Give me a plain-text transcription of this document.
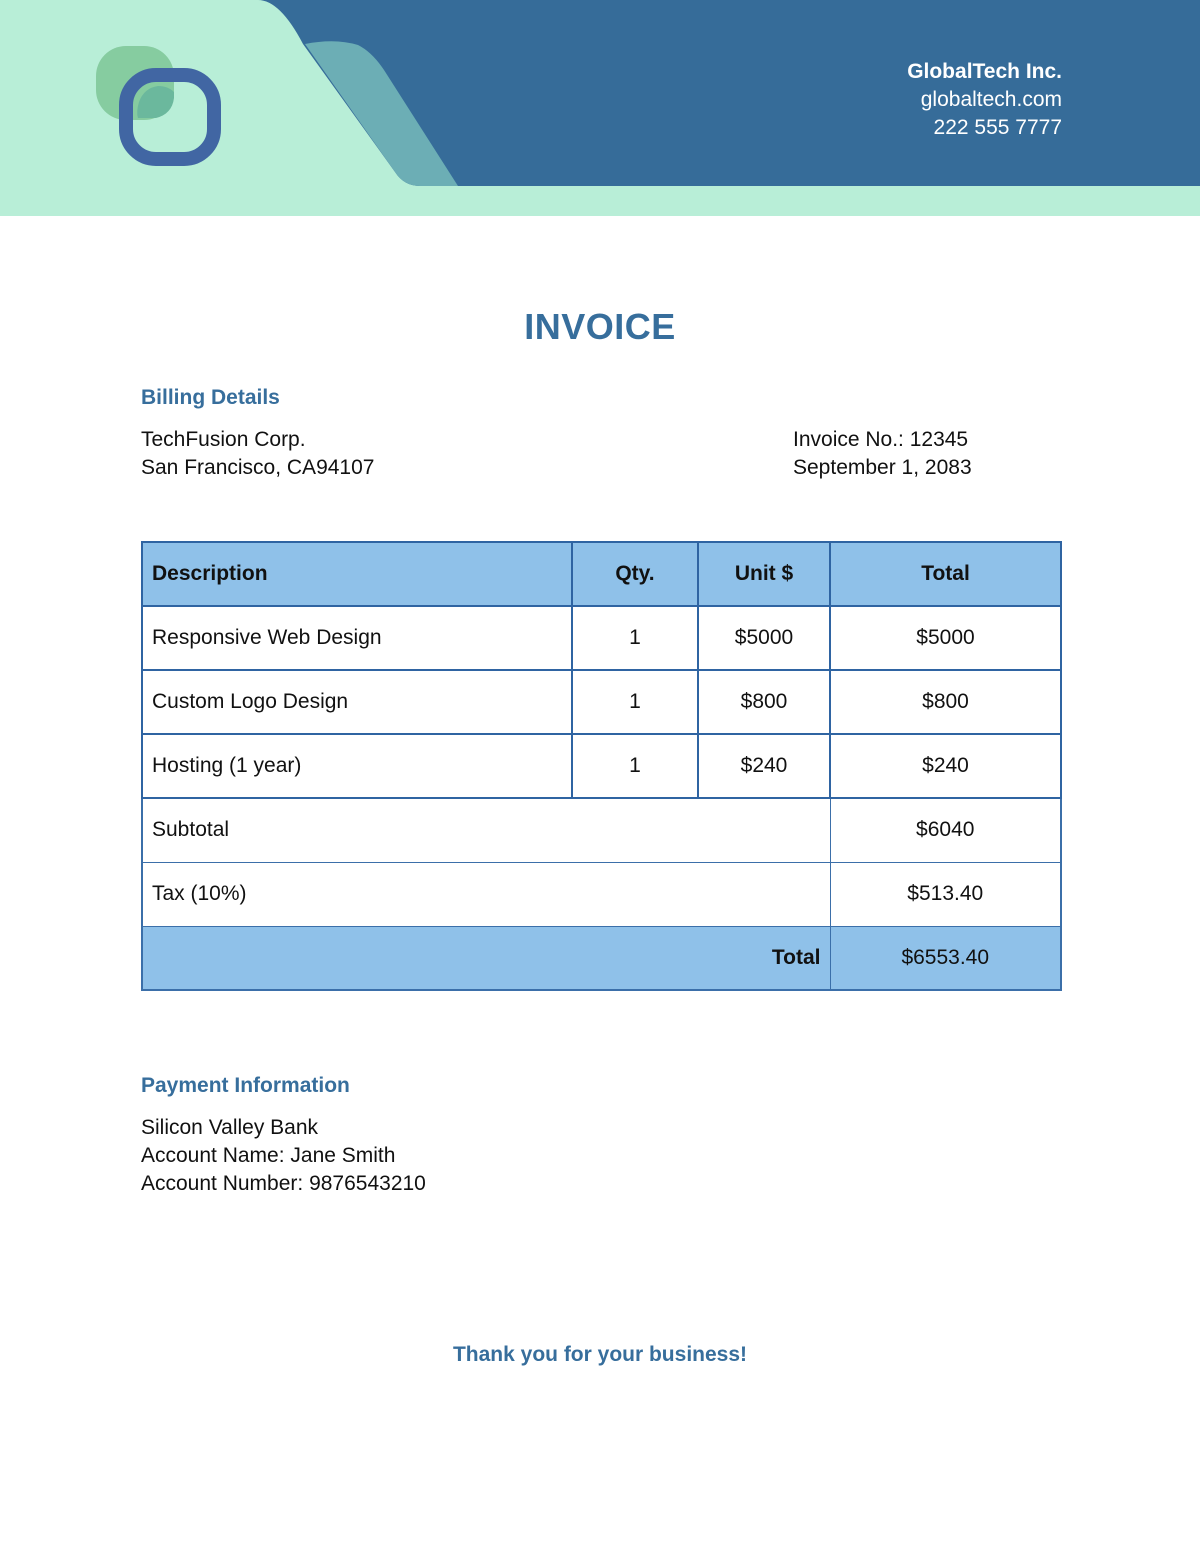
GlobalTech Inc.
globaltech.com
222 555 7777
INVOICE
Billing Details
TechFusion Corp.
San Francisco, CA94107
Invoice No.: 12345
September 1, 2083
Description	Qty.	Unit $	Total
Responsive Web Design	1	$5000	$5000
Custom Logo Design	1	$800	$800
Hosting (1 year)	1	$240	$240
Subtotal			$6040
Tax (10%)			$513.40
Total			$6553.40
Payment Information
Silicon Valley Bank
Account Name: Jane Smith
Account Number: 9876543210
Thank you for your business!
